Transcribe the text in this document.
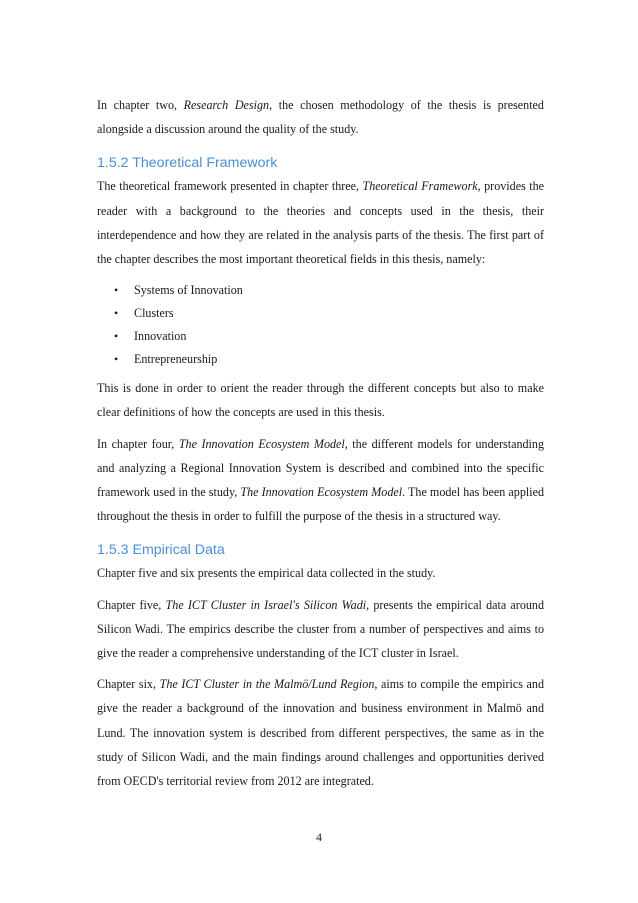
In chapter two, Research Design, the chosen methodology of the thesis is presented alongside a discussion around the quality of the study.

1.5.2 Theoretical Framework

The theoretical framework presented in chapter three, Theoretical Framework, provides the reader with a background to the theories and concepts used in the thesis, their interdependence and how they are related in the analysis parts of the thesis. The first part of the chapter describes the most important theoretical fields in this thesis, namely:

• Systems of Innovation
• Clusters
• Innovation
• Entrepreneurship

This is done in order to orient the reader through the different concepts but also to make clear definitions of how the concepts are used in this thesis.

In chapter four, The Innovation Ecosystem Model, the different models for understanding and analyzing a Regional Innovation System is described and combined into the specific framework used in the study, The Innovation Ecosystem Model. The model has been applied throughout the thesis in order to fulfill the purpose of the thesis in a structured way.

1.5.3 Empirical Data

Chapter five and six presents the empirical data collected in the study.

Chapter five, The ICT Cluster in Israel's Silicon Wadi, presents the empirical data around Silicon Wadi. The empirics describe the cluster from a number of perspectives and aims to give the reader a comprehensive understanding of the ICT cluster in Israel.

Chapter six, The ICT Cluster in the Malmö/Lund Region, aims to compile the empirics and give the reader a background of the innovation and business environment in Malmö and Lund. The innovation system is described from different perspectives, the same as in the study of Silicon Wadi, and the main findings around challenges and opportunities derived from OECD's territorial review from 2012 are integrated.

4
